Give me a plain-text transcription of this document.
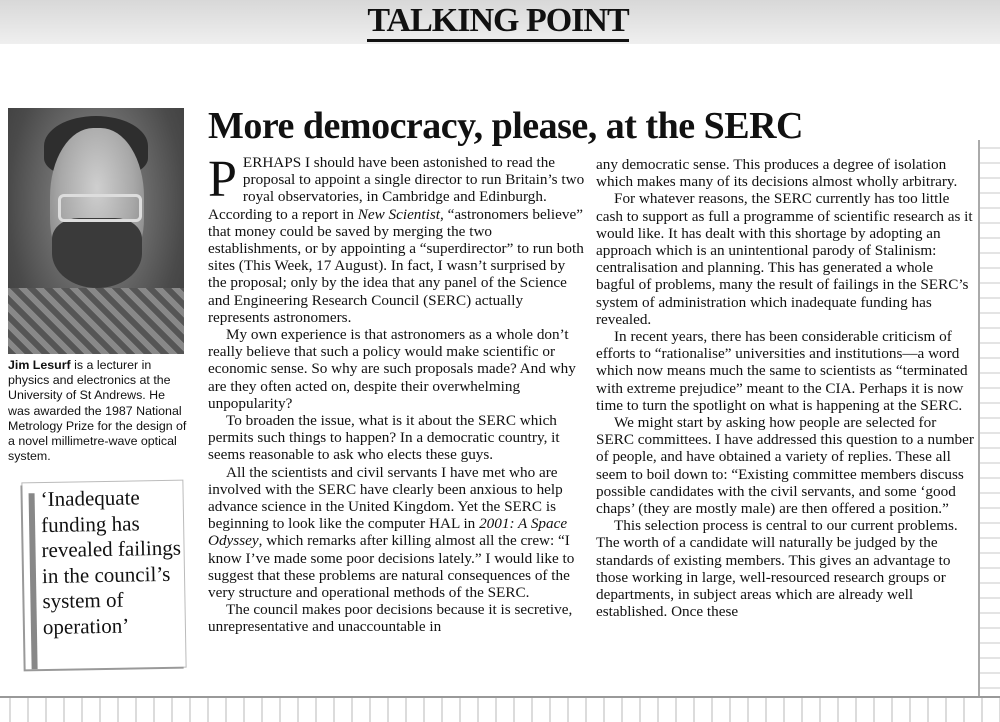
TALKING POINT

Jim Lesurf is a lecturer in physics and electronics at the University of St Andrews. He was awarded the 1987 National Metrology Prize for the design of a novel millimetre-wave optical system.

‘Inadequate funding has revealed failings in the council’s system of operation’

More democracy, please, at the SERC

PERHAPS I should have been astonished to read the proposal to appoint a single director to run Britain’s two royal observatories, in Cambridge and Edinburgh. According to a report in New Scientist, “astronomers believe” that money could be saved by merging the two establishments, or by appointing a “superdirector” to run both sites (This Week, 17 August). In fact, I wasn’t surprised by the proposal; only by the idea that any panel of the Science and Engineering Research Council (SERC) actually represents astronomers.

My own experience is that astronomers as a whole don’t really believe that such a policy would make scientific or economic sense. So why are such proposals made? And why are they often acted on, despite their overwhelming unpopularity?

To broaden the issue, what is it about the SERC which permits such things to happen? In a democratic country, it seems reasonable to ask who elects these guys.

All the scientists and civil servants I have met who are involved with the SERC have clearly been anxious to help advance science in the United Kingdom. Yet the SERC is beginning to look like the computer HAL in 2001: A Space Odyssey, which remarks after killing almost all the crew: “I know I’ve made some poor decisions lately.” I would like to suggest that these problems are natural consequences of the very structure and operational methods of the SERC.

The council makes poor decisions because it is secretive, unrepresentative and unaccountable in

any democratic sense. This produces a degree of isolation which makes many of its decisions almost wholly arbitrary.

For whatever reasons, the SERC currently has too little cash to support as full a programme of scientific research as it would like. It has dealt with this shortage by adopting an approach which is an unintentional parody of Stalinism: centralisation and planning. This has generated a whole bagful of problems, many the result of failings in the SERC’s system of administration which inadequate funding has revealed.

In recent years, there has been considerable criticism of efforts to “rationalise” universities and institutions—a word which now means much the same to scientists as “terminated with extreme prejudice” meant to the CIA. Perhaps it is now time to turn the spotlight on what is happening at the SERC.

We might start by asking how people are selected for SERC committees. I have addressed this question to a number of people, and have obtained a variety of replies. These all seem to boil down to: “Existing committee members discuss possible candidates with the civil servants, and some ‘good chaps’ (they are mostly male) are then offered a position.”

This selection process is central to our current problems. The worth of a candidate will naturally be judged by the standards of existing members. This gives an advantage to those working in large, well-resourced research groups or departments, in subject areas which are already well established. Once these
